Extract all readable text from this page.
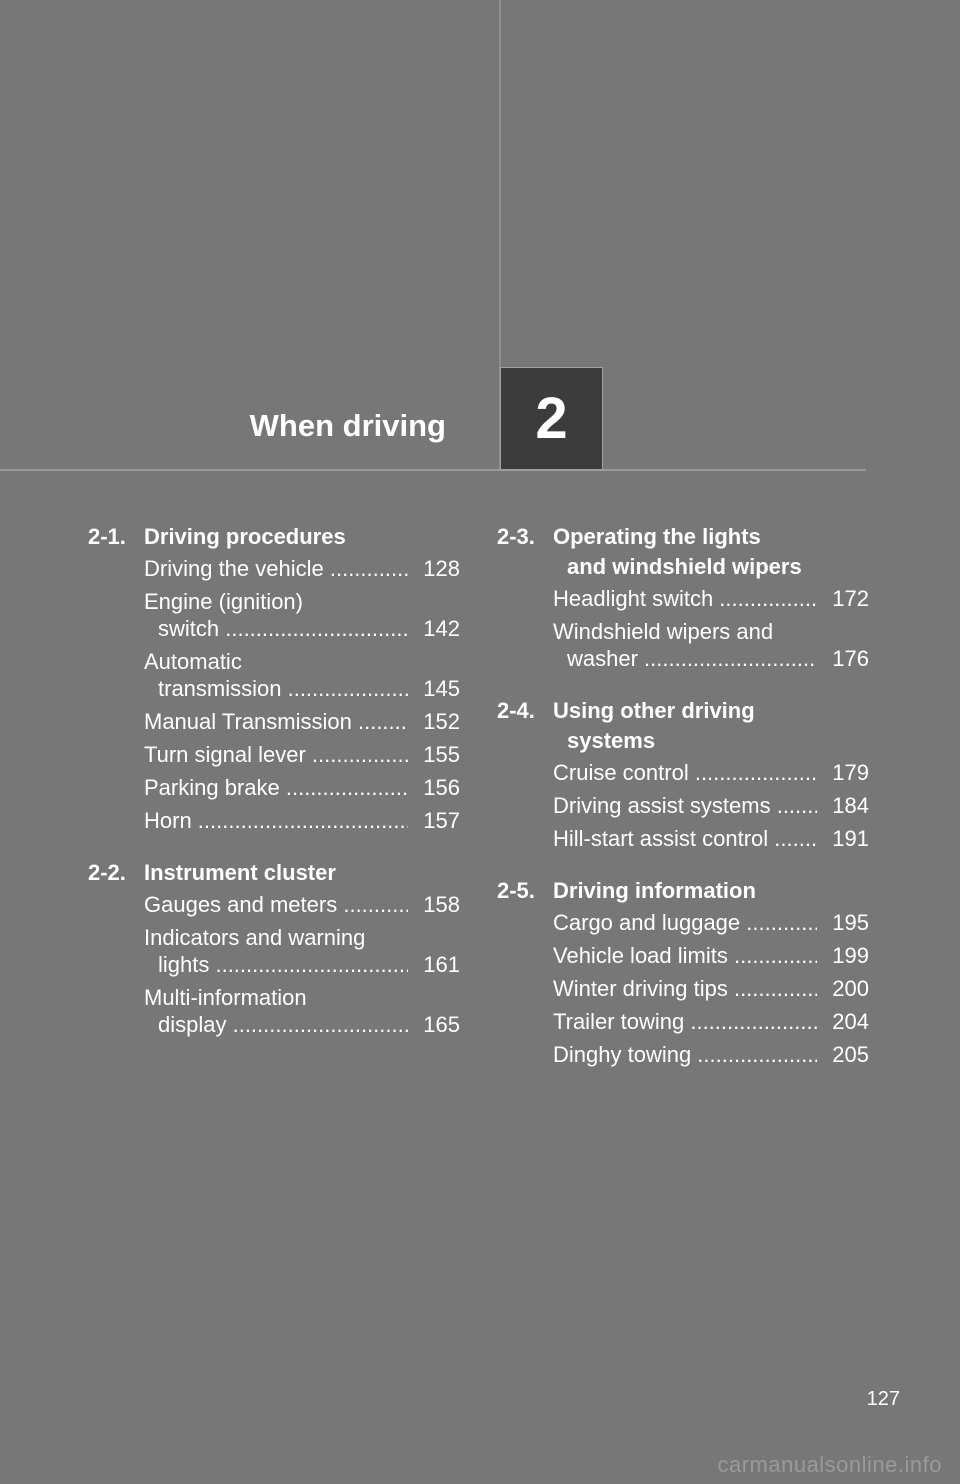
When driving 2
2-1. Driving procedures
Driving the vehicle .....	128
Engine (ignition)
switch .....	142
Automatic
transmission .....	145
Manual Transmission .....	152
Turn signal lever .....	155
Parking brake .....	156
Horn .....	157
2-2. Instrument cluster
Gauges and meters .....	158
Indicators and warning
lights .....	161
Multi-information
display .....	165
2-3. Operating the lights
and windshield wipers
Headlight switch .....	172
Windshield wipers and
washer .....	176
2-4. Using other driving
systems
Cruise control .....	179
Driving assist systems .....	184
Hill-start assist control .....	191
2-5. Driving information
Cargo and luggage .....	195
Vehicle load limits .....	199
Winter driving tips .....	200
Trailer towing .....	204
Dinghy towing .....	205
127
carmanualsonline.info
